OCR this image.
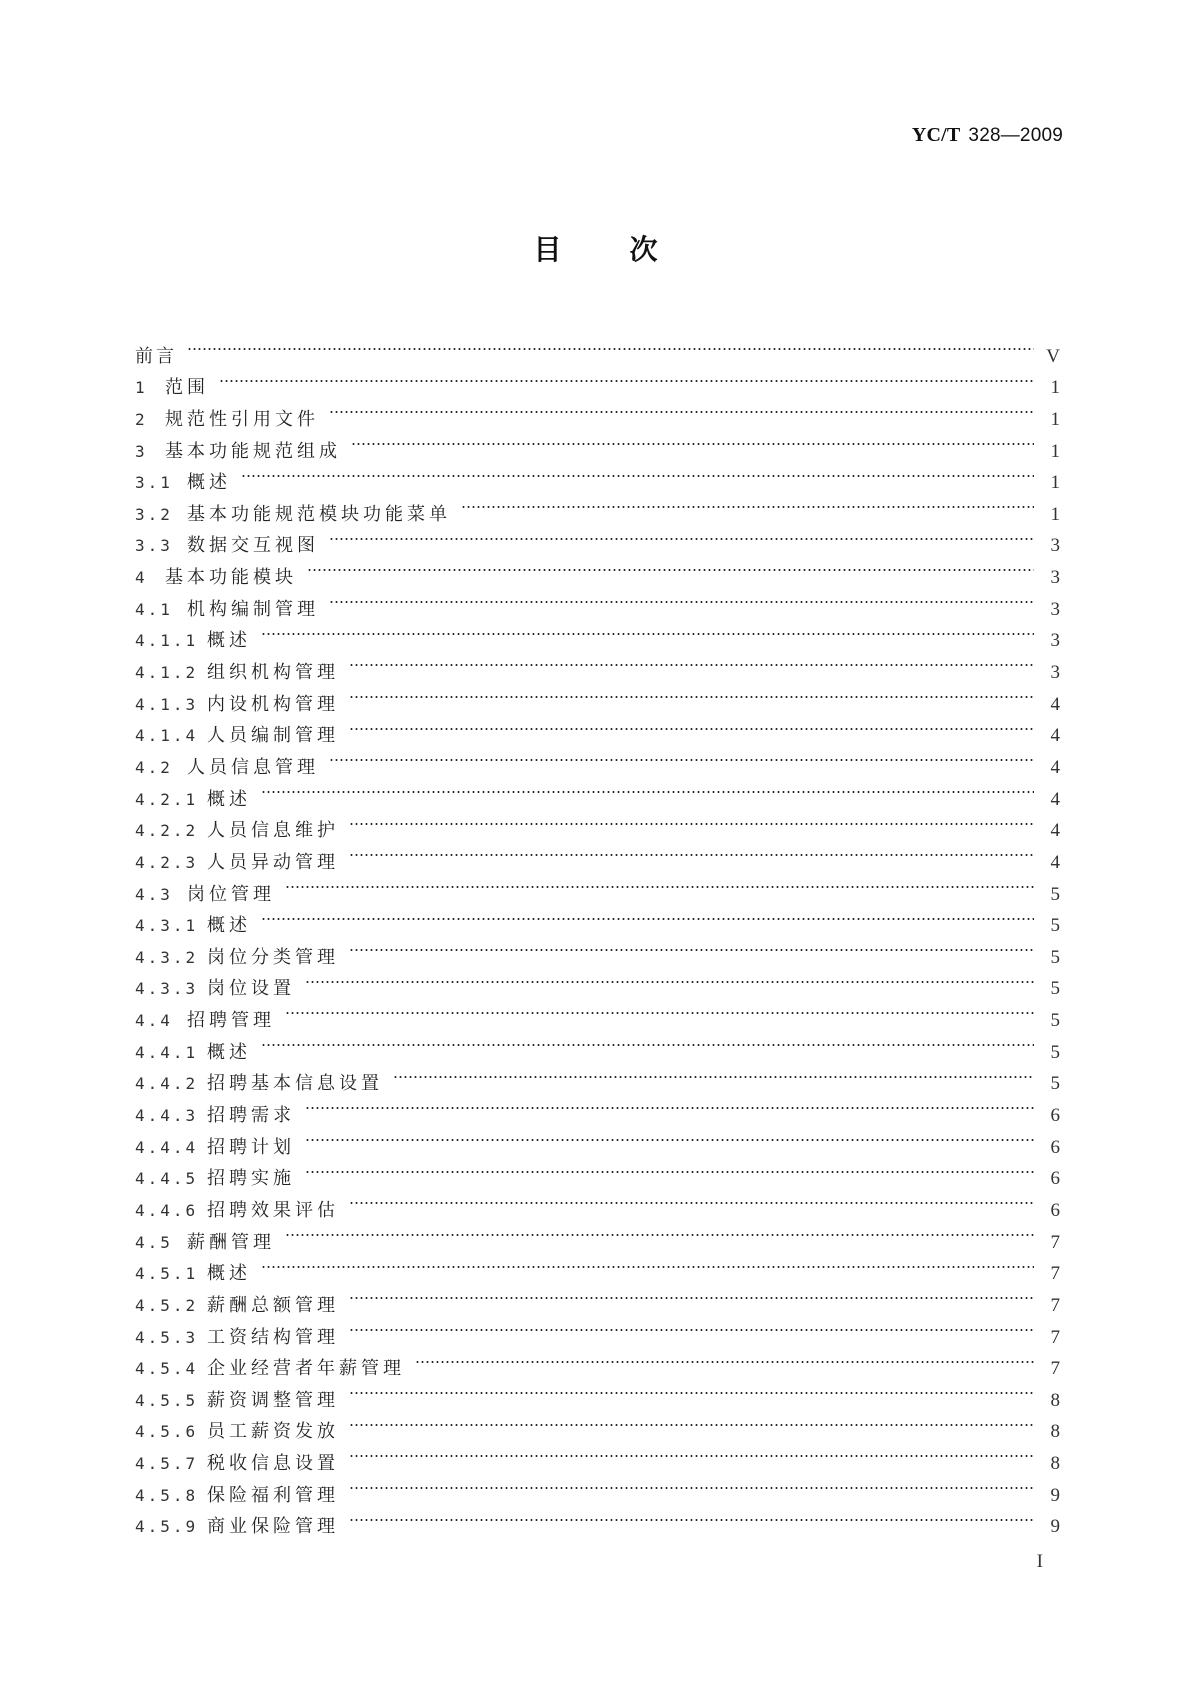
YC/T 328—2009
目 次
前言	V
1 范围	1
2 规范性引用文件	1
3 基本功能规范组成	1
3.1 概述	1
3.2 基本功能规范模块功能菜单	1
3.3 数据交互视图	3
4 基本功能模块	3
4.1 机构编制管理	3
4.1.1 概述	3
4.1.2 组织机构管理	3
4.1.3 内设机构管理	4
4.1.4 人员编制管理	4
4.2 人员信息管理	4
4.2.1 概述	4
4.2.2 人员信息维护	4
4.2.3 人员异动管理	4
4.3 岗位管理	5
4.3.1 概述	5
4.3.2 岗位分类管理	5
4.3.3 岗位设置	5
4.4 招聘管理	5
4.4.1 概述	5
4.4.2 招聘基本信息设置	5
4.4.3 招聘需求	6
4.4.4 招聘计划	6
4.4.5 招聘实施	6
4.4.6 招聘效果评估	6
4.5 薪酬管理	7
4.5.1 概述	7
4.5.2 薪酬总额管理	7
4.5.3 工资结构管理	7
4.5.4 企业经营者年薪管理	7
4.5.5 薪资调整管理	8
4.5.6 员工薪资发放	8
4.5.7 税收信息设置	8
4.5.8 保险福利管理	9
4.5.9 商业保险管理	9
I
